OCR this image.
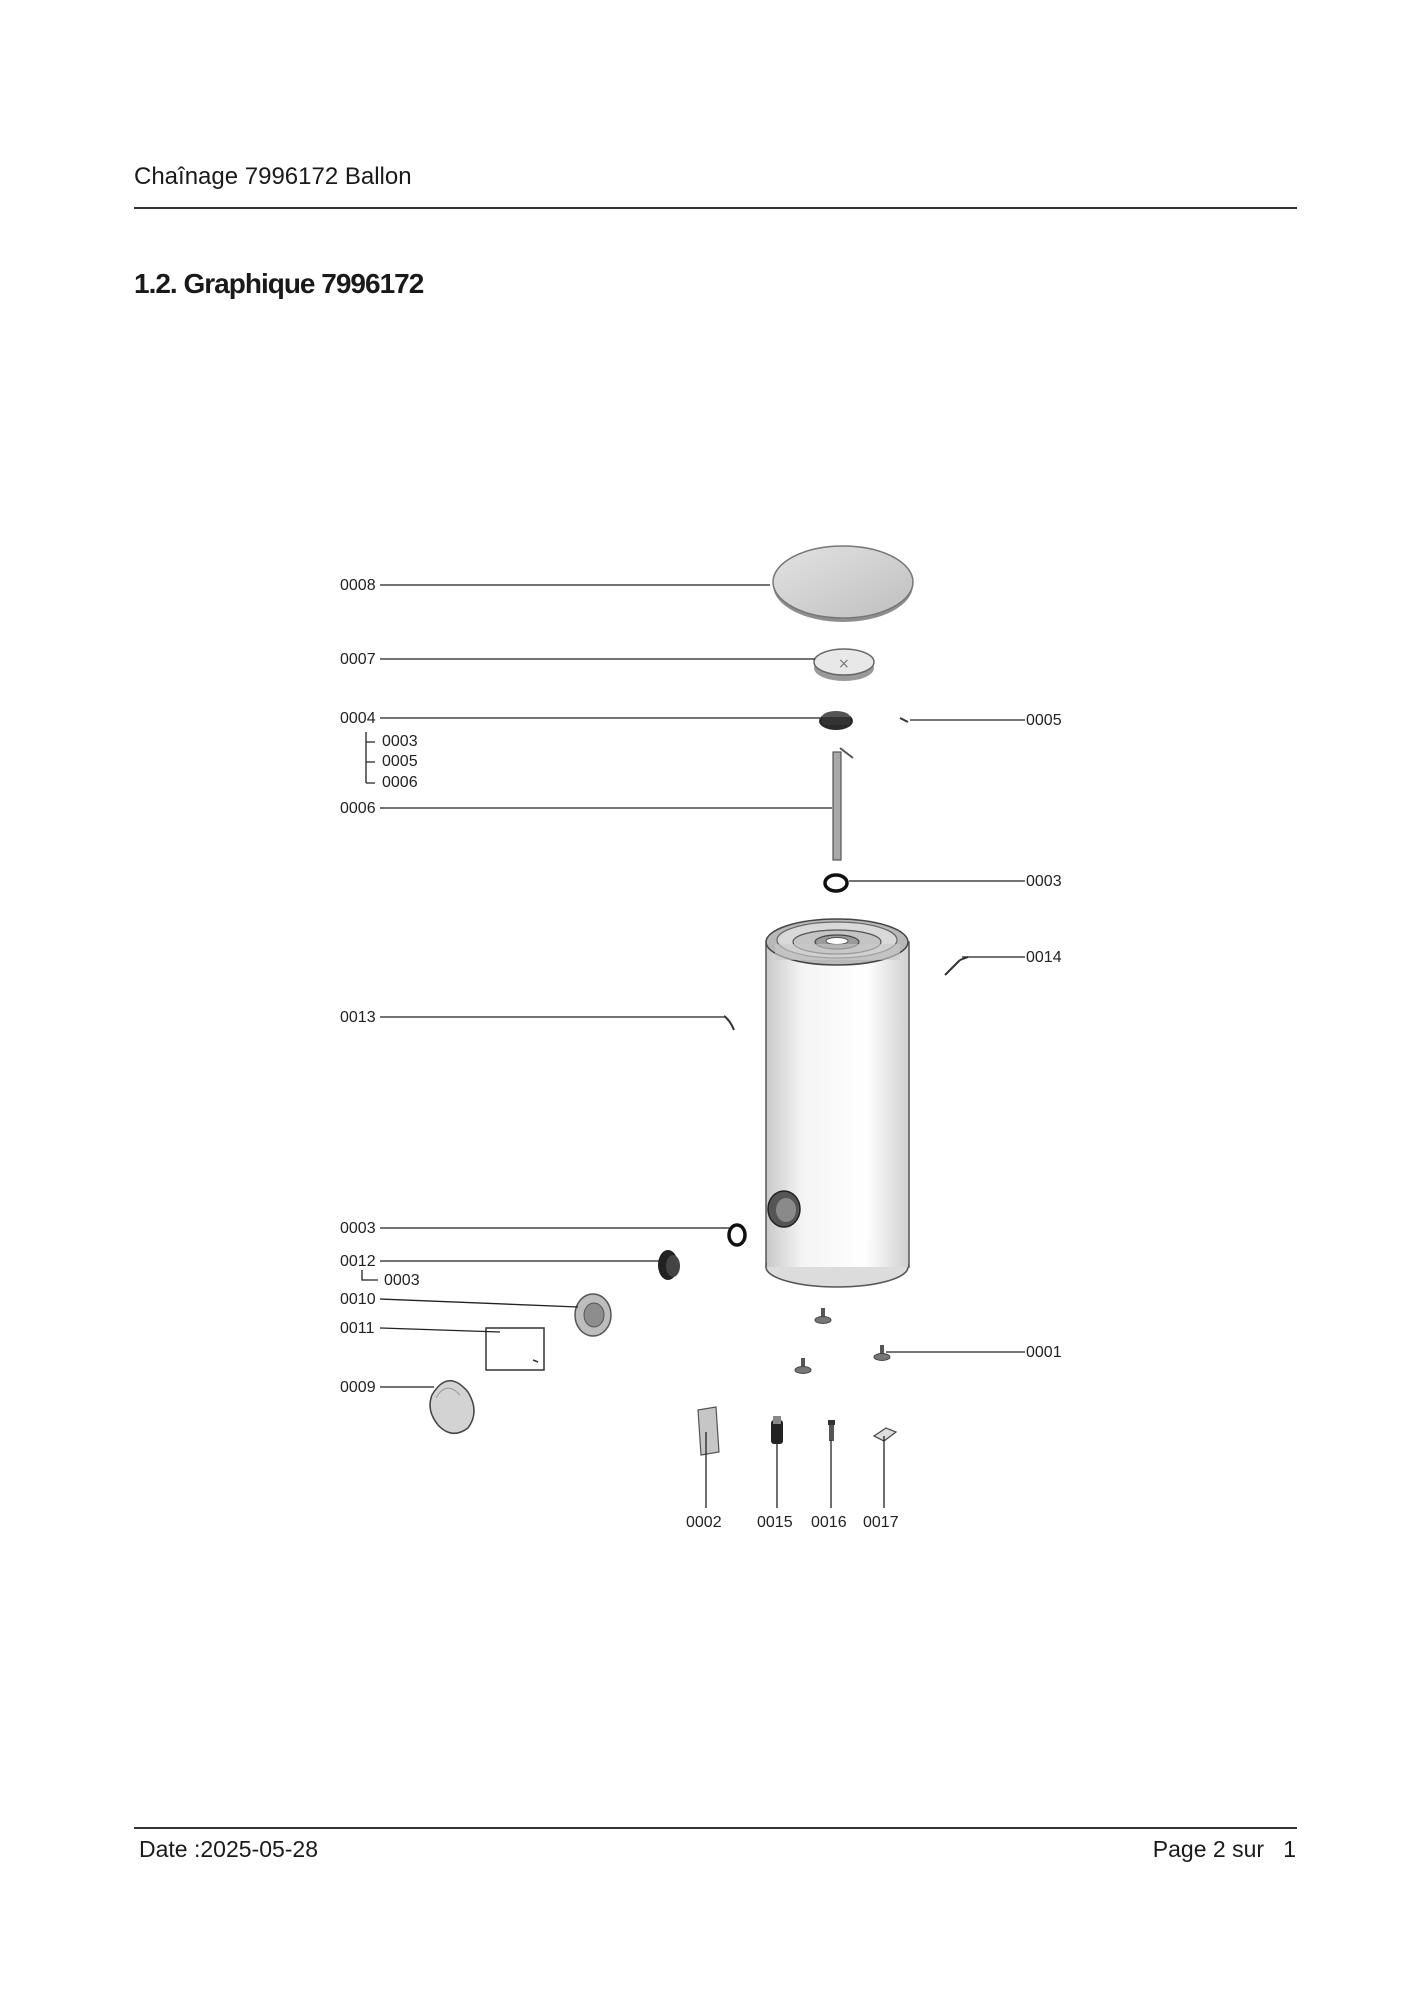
Chaînage 7996172 Ballon
1.2. Graphique 7996172
×
0008
0007
0004
0003
0005
0006
0005
0006
0003
0014
0013
0003
0012
0003
0010
0011
0001
0009
0002 0015 0016 0017
Date :2025-05-28	Page 2 sur   1
